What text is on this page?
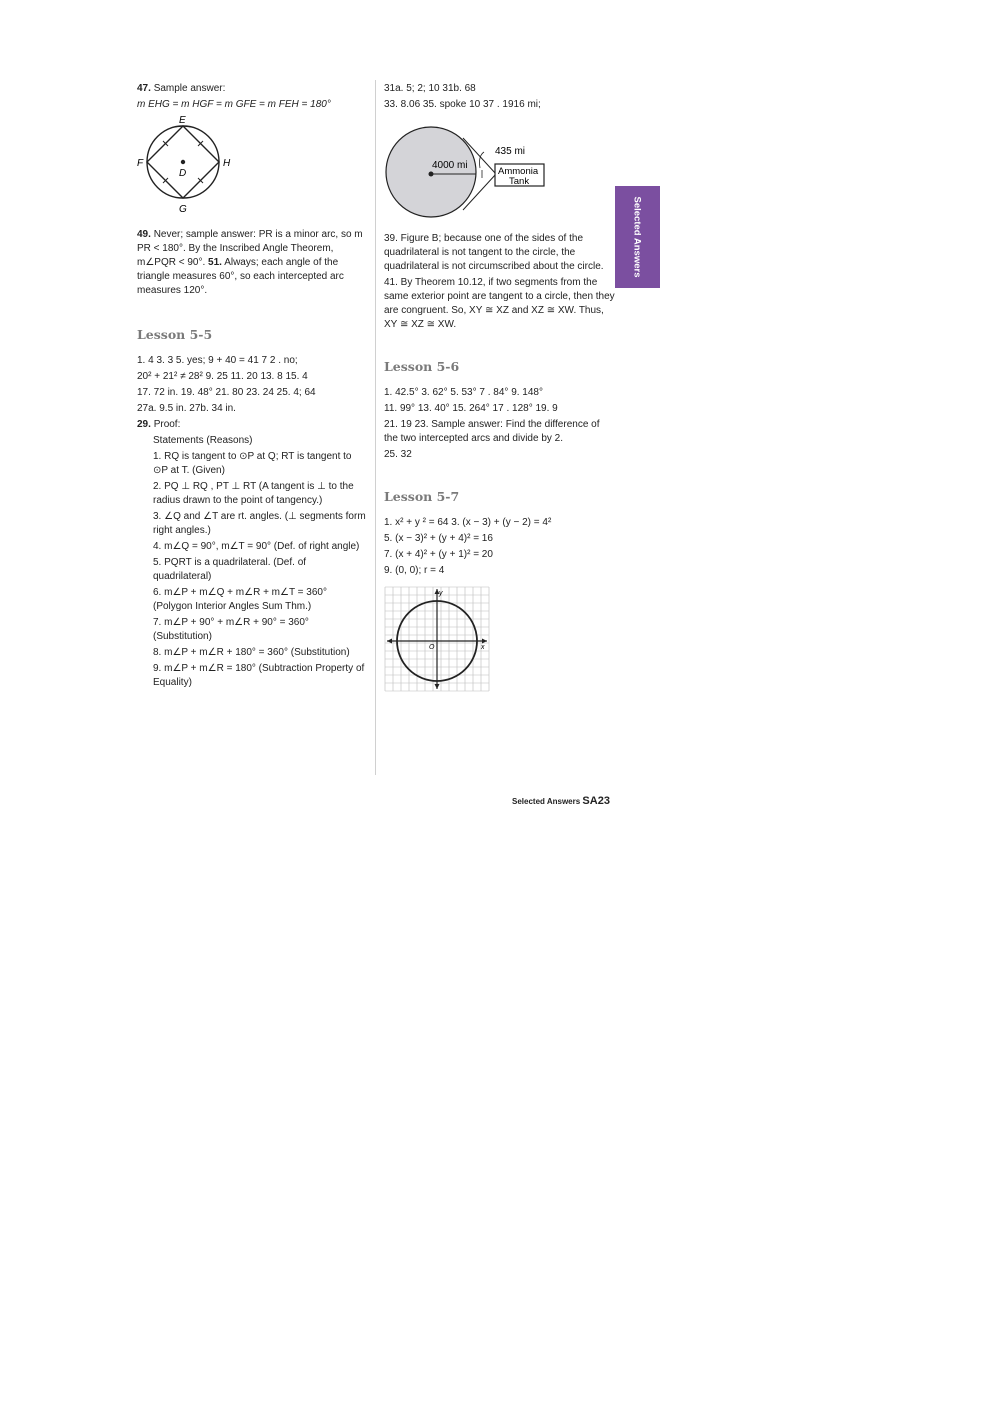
47. Sample answer:

m EHG = m HGF = m GFE = m FEH = 180°

E
F	H
D
G

49. Never; sample answer: PR is a minor arc, so m PR < 180°. By the Inscribed Angle Theorem, m∠PQR < 90°. 51. Always; each angle of the triangle measures 60°, so each intercepted arc measures 120°.

Lesson 5-5

1. 4 3. 3 5. yes; 9 + 40 = 41 7 2 . no;

20² + 21² ≠ 28² 9. 25 11. 20 13. 8 15. 4

17. 72 in. 19. 48° 21. 80 23. 24 25. 4; 64

27a. 9.5 in. 27b. 34 in.

29. Proof:

Statements (Reasons)

1. RQ is tangent to ⊙P at Q; RT is tangent to ⊙P at T. (Given)

2. PQ ⊥ RQ , PT ⊥ RT (A tangent is ⊥ to the radius drawn to the point of tangency.)

3. ∠Q and ∠T are rt. angles. (⊥ segments form right angles.)

4. m∠Q = 90°, m∠T = 90° (Def. of right angle)

5. PQRT is a quadrilateral. (Def. of quadrilateral)

6. m∠P + m∠Q + m∠R + m∠T = 360° (Polygon Interior Angles Sum Thm.)

7. m∠P + 90° + m∠R + 90° = 360° (Substitution)

8. m∠P + m∠R + 180° = 360° (Substitution)

9. m∠P + m∠R = 180° (Subtraction Property of Equality)

31a. 5; 2; 10 31b. 68

33. 8.06 35. spoke 10 37 . 1916 mi;

435 mi
4000 mi
Ammonia
Tank

39. Figure B; because one of the sides of the quadrilateral is not tangent to the circle, the quadrilateral is not circumscribed about the circle.

41. By Theorem 10.12, if two segments from the same exterior point are tangent to a circle, then they are congruent. So, XY ≅ XZ and XZ ≅ XW. Thus, XY ≅ XZ ≅ XW.

Lesson 5-6

1. 42.5° 3. 62° 5. 53° 7 . 84° 9. 148°

11. 99° 13. 40° 15. 264° 17 . 128° 19. 9

21. 19 23. Sample answer: Find the difference of the two intercepted arcs and divide by 2.

25. 32

Lesson 5-7

1. x² + y ² = 64 3. (x − 3) + (y − 2) = 4²

5. (x − 3)² + (y + 4)² = 16

7. (x + 4)² + (y + 1)² = 20

9. (0, 0); r = 4

y
x
O
Selected Answers
Selected Answers SA23
